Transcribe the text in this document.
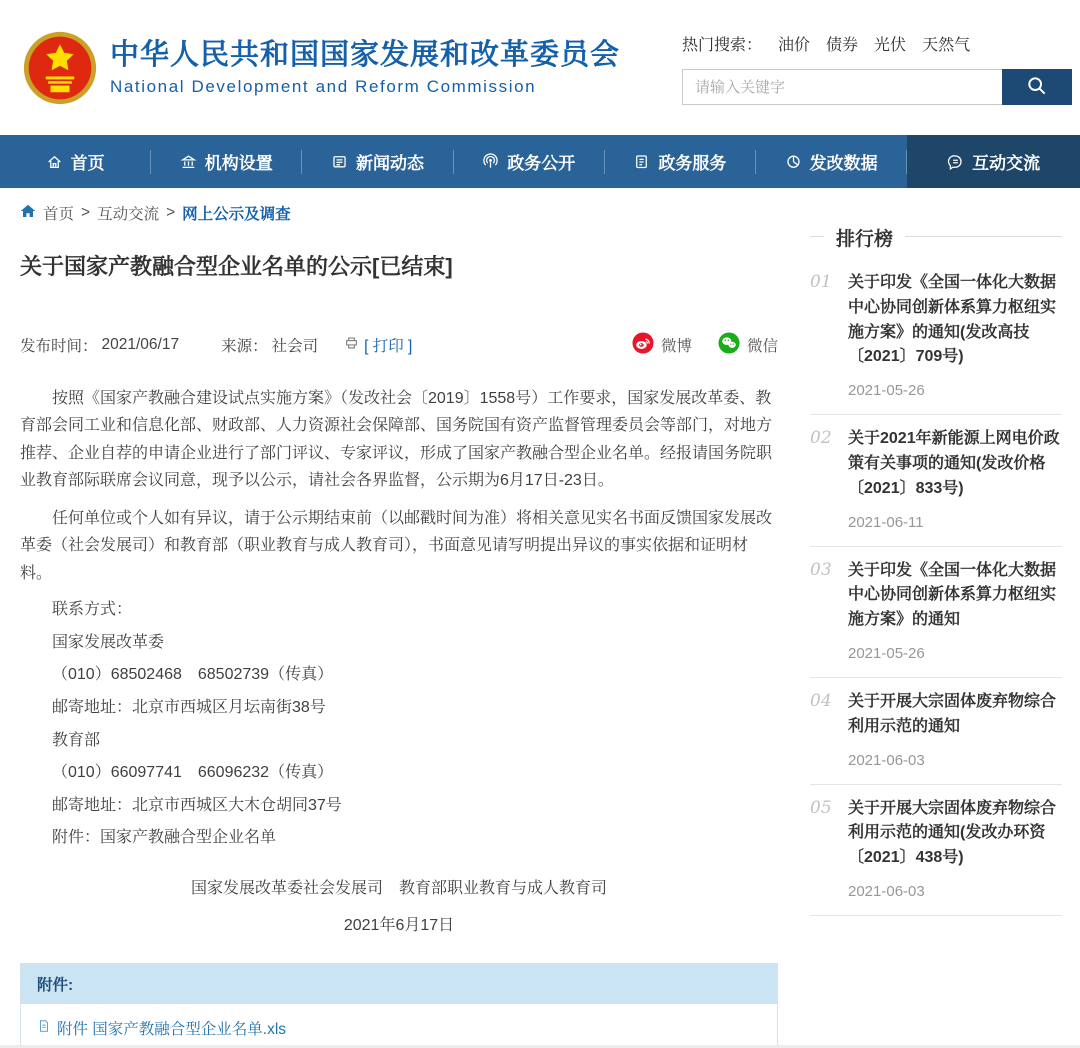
中华人民共和国国家发展和改革委员会
National Development and Reform Commission
热门搜索： 油价 债券 光伏 天然气
请输入关键字
首页	机构设置	新闻动态	政务公开	政务服务	发改数据	互动交流
首页 > 互动交流 > 网上公示及调查
关于国家产教融合型企业名单的公示[已结束]
发布时间： 2021/06/17	来源： 社会司	[ 打印 ]	微博	微信

按照《国家产教融合建设试点实施方案》（发改社会〔2019〕1558号）工作要求，国家发展改革委、教育部会同工业和信息化部、财政部、人力资源社会保障部、国务院国有资产监督管理委员会等部门，对地方推荐、企业自荐的申请企业进行了部门评议、专家评议，形成了国家产教融合型企业名单。经报请国务院职业教育部际联席会议同意，现予以公示，请社会各界监督，公示期为6月17日-23日。

任何单位或个人如有异议，请于公示期结束前（以邮戳时间为准）将相关意见实名书面反馈国家发展改革委（社会发展司）和教育部（职业教育与成人教育司），书面意见请写明提出异议的事实依据和证明材料。

联系方式：

国家发展改革委

（010）68502468　68502739（传真）

邮寄地址：北京市西城区月坛南街38号

教育部

（010）66097741　66096232（传真）

邮寄地址：北京市西城区大木仓胡同37号

附件：国家产教融合型企业名单

国家发展改革委社会发展司　教育部职业教育与成人教育司
2021年6月17日
附件:
附件 国家产教融合型企业名单.xls
排行榜
01	关于印发《全国一体化大数据中心协同创新体系算力枢纽实施方案》的通知(发改高技〔2021〕709号)
2021-05-26
02	关于2021年新能源上网电价政策有关事项的通知(发改价格〔2021〕833号)
2021-06-11
03	关于印发《全国一体化大数据中心协同创新体系算力枢纽实施方案》的通知
2021-05-26
04	关于开展大宗固体废弃物综合利用示范的通知
2021-06-03
05	关于开展大宗固体废弃物综合利用示范的通知(发改办环资〔2021〕438号)
2021-06-03
